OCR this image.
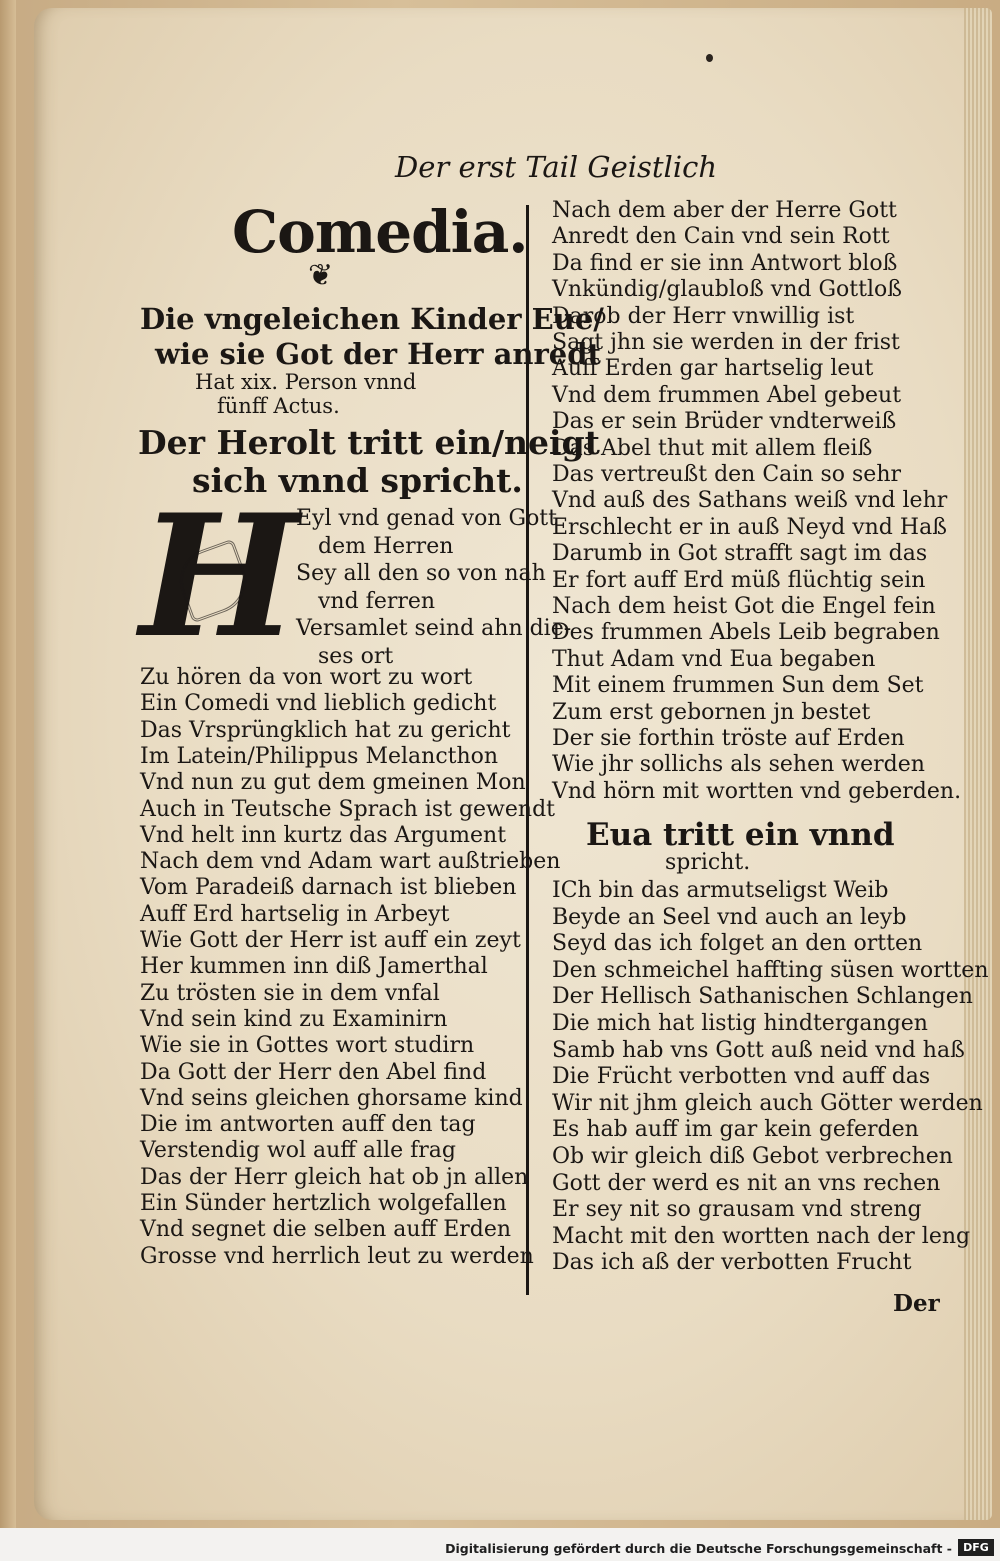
Der erst Tail Geistlich
Comedia.
❦
Die vngeleichen Kinder Eue/
wie sie Got der Herr anredt
Hat xix. Person vnnd
fünff Actus.
Der Herolt tritt ein/neigt
sich vnnd spricht.
H
Eyl vnd genad von Gott
dem Herren
Sey all den so von nah
vnd ferren
Versamlet seind ahn die-
ses ort
Zu hören da von wort zu wort
Ein Comedi vnd lieblich gedicht
Das Vrsprüngklich hat zu gericht
Im Latein/Philippus Melancthon
Vnd nun zu gut dem gmeinen Mon
Auch in Teutsche Sprach ist gewendt
Vnd helt inn kurtz das Argument
Nach dem vnd Adam wart außtrieben
Vom Paradeiß darnach ist blieben
Auff Erd hartselig in Arbeyt
Wie Gott der Herr ist auff ein zeyt
Her kummen inn diß Jamerthal
Zu trösten sie in dem vnfal
Vnd sein kind zu Examinirn
Wie sie in Gottes wort studirn
Da Gott der Herr den Abel find
Vnd seins gleichen ghorsame kind
Die im antworten auff den tag
Verstendig wol auff alle frag
Das der Herr gleich hat ob jn allen
Ein Sünder hertzlich wolgefallen
Vnd segnet die selben auff Erden
Grosse vnd herrlich leut zu werden
Nach dem aber der Herre Gott
Anredt den Cain vnd sein Rott
Da find er sie inn Antwort bloß
Vnkündig/glaubloß vnd Gottloß
Darob der Herr vnwillig ist
Sagt jhn sie werden in der frist
Auff Erden gar hartselig leut
Vnd dem frummen Abel gebeut
Das er sein Brüder vndterweiß
Das Abel thut mit allem fleiß
Das vertreußt den Cain so sehr
Vnd auß des Sathans weiß vnd lehr
Erschlecht er in auß Neyd vnd Haß
Darumb in Got strafft sagt im das
Er fort auff Erd müß flüchtig sein
Nach dem heist Got die Engel fein
Des frummen Abels Leib begraben
Thut Adam vnd Eua begaben
Mit einem frummen Sun dem Set
Zum erst gebornen jn bestet
Der sie forthin tröste auf Erden
Wie jhr sollichs als sehen werden
Vnd hörn mit wortten vnd geberden.
Eua tritt ein vnnd
spricht.
ICh bin das armutseligst Weib
Beyde an Seel vnd auch an leyb
Seyd das ich folget an den ortten
Den schmeichel haffting süsen wortten
Der Hellisch Sathanischen Schlangen
Die mich hat listig hindtergangen
Samb hab vns Gott auß neid vnd haß
Die Frücht verbotten vnd auff das
Wir nit jhm gleich auch Götter werden
Es hab auff im gar kein geferden
Ob wir gleich diß Gebot verbrechen
Gott der werd es nit an vns rechen
Er sey nit so grausam vnd streng
Macht mit den wortten nach der leng
Das ich aß der verbotten Frucht
Der
Digitalisierung gefördert durch die Deutsche Forschungsgemeinschaft -	DFG
